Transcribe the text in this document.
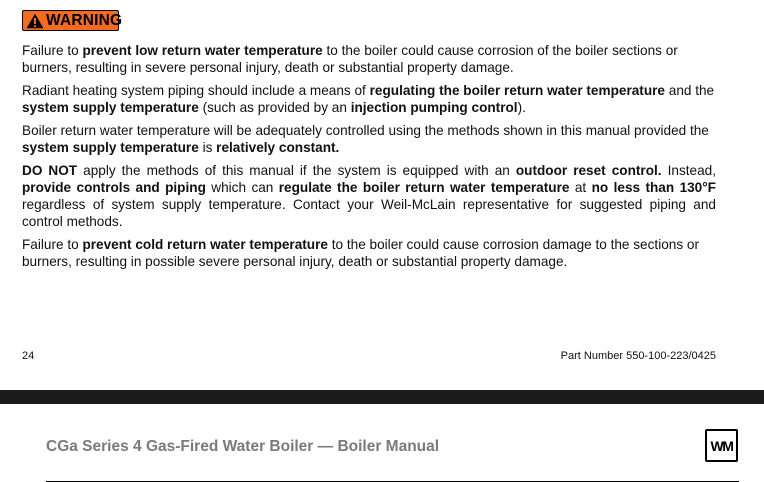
WARNING

Failure to prevent low return water temperature to the boiler could cause corrosion of the boiler sections or burners, resulting in severe personal injury, death or substantial property damage.

Radiant heating system piping should include a means of regulating the boiler return water temperature and the system supply temperature (such as provided by an injection pumping control).

Boiler return water temperature will be adequately controlled using the methods shown in this manual provided the system supply temperature is relatively constant.

DO NOT apply the methods of this manual if the system is equipped with an outdoor reset control. Instead, provide controls and piping which can regulate the boiler return water temperature at no less than 130°F regardless of system supply temperature. Contact your Weil-McLain representative for suggested piping and control methods.

Failure to prevent cold return water temperature to the boiler could cause corrosion damage to the sections or burners, resulting in possible severe personal injury, death or substantial property damage.

24	Part Number 550-100-223/0425
CGa Series 4 Gas-Fired Water Boiler — Boiler Manual	WM
